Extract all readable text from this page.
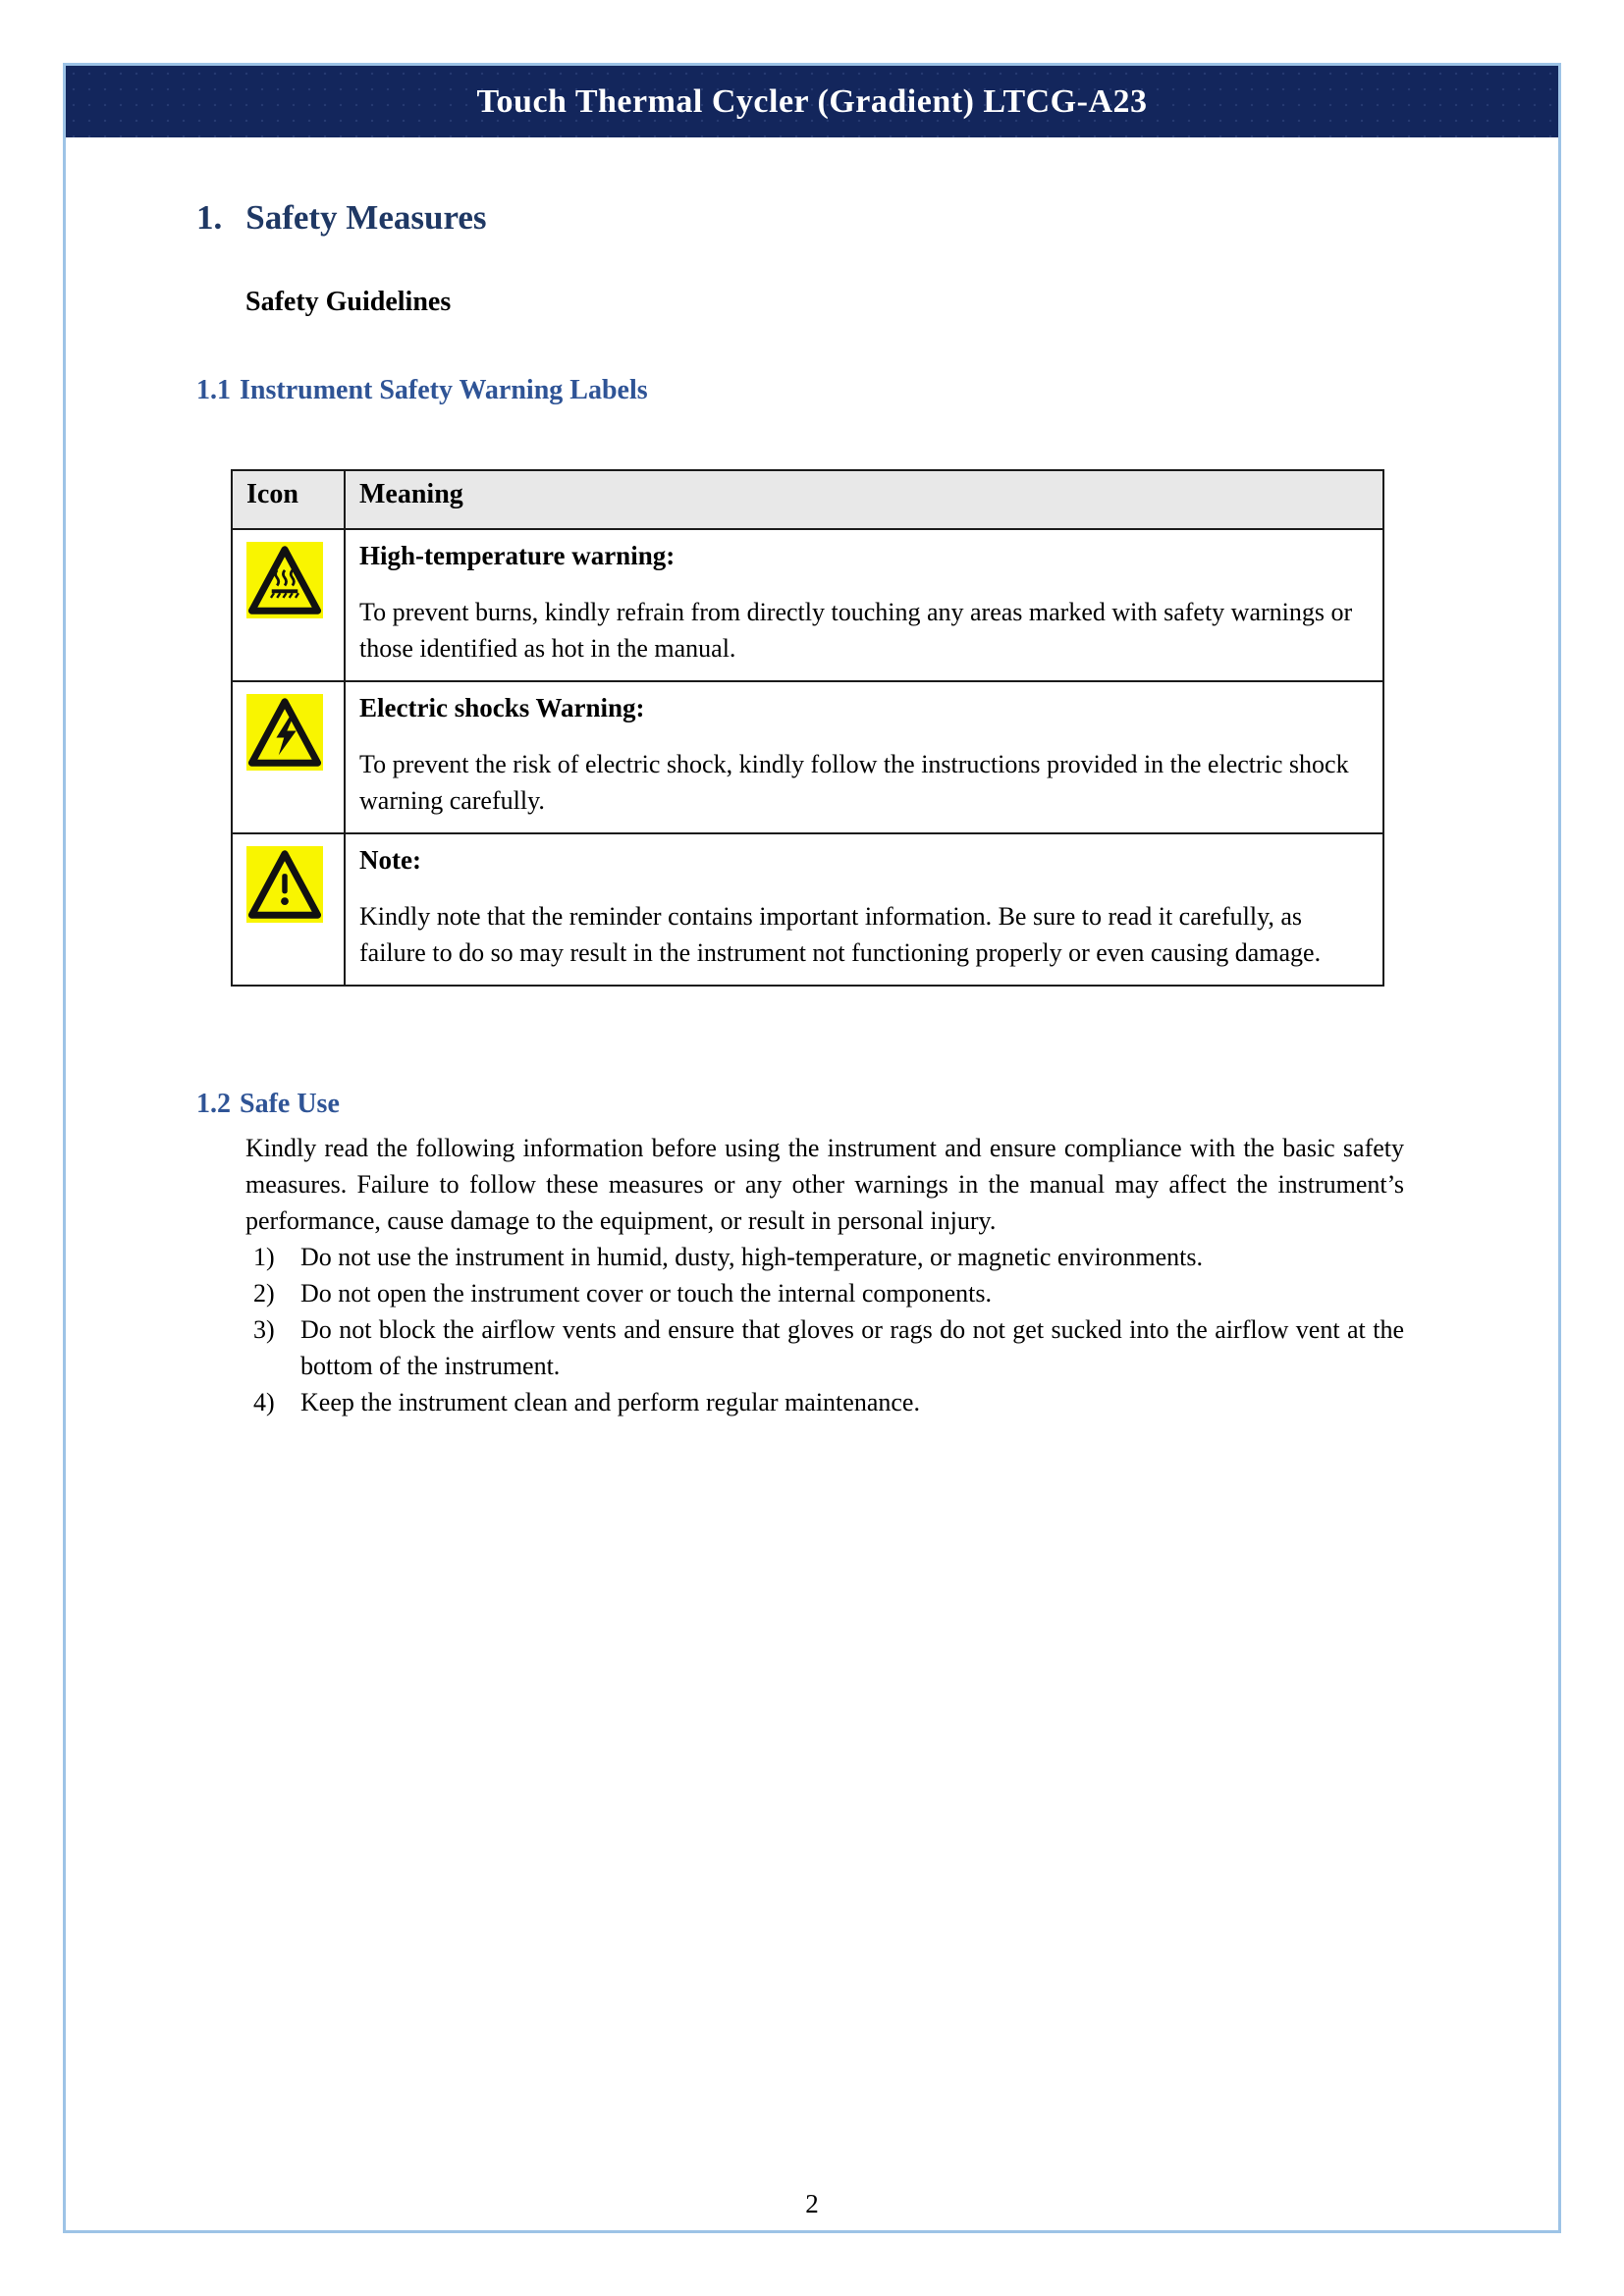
Touch Thermal Cycler (Gradient) LTCG-A23
1. Safety Measures

Safety Guidelines

1.1 Instrument Safety Warning Labels
Icon	Meaning

High-temperature warning:

To prevent burns, kindly refrain from directly touching any areas marked with safety warnings or those identified as hot in the manual.

Electric shocks Warning:

To prevent the risk of electric shock, kindly follow the instructions provided in the electric shock warning carefully.

Note:

Kindly note that the reminder contains important information. Be sure to read it carefully, as failure to do so may result in the instrument not functioning properly or even causing damage.

1.2 Safe Use

Kindly read the following information before using the instrument and ensure compliance with the basic safety measures. Failure to follow these measures or any other warnings in the manual may affect the instrument’s performance, cause damage to the equipment, or result in personal injury.

1)	Do not use the instrument in humid, dusty, high-temperature, or magnetic environments.
2)	Do not open the instrument cover or touch the internal components.
3)	Do not block the airflow vents and ensure that gloves or rags do not get sucked into the airflow vent at the bottom of the instrument.
4)	Keep the instrument clean and perform regular maintenance.
2
